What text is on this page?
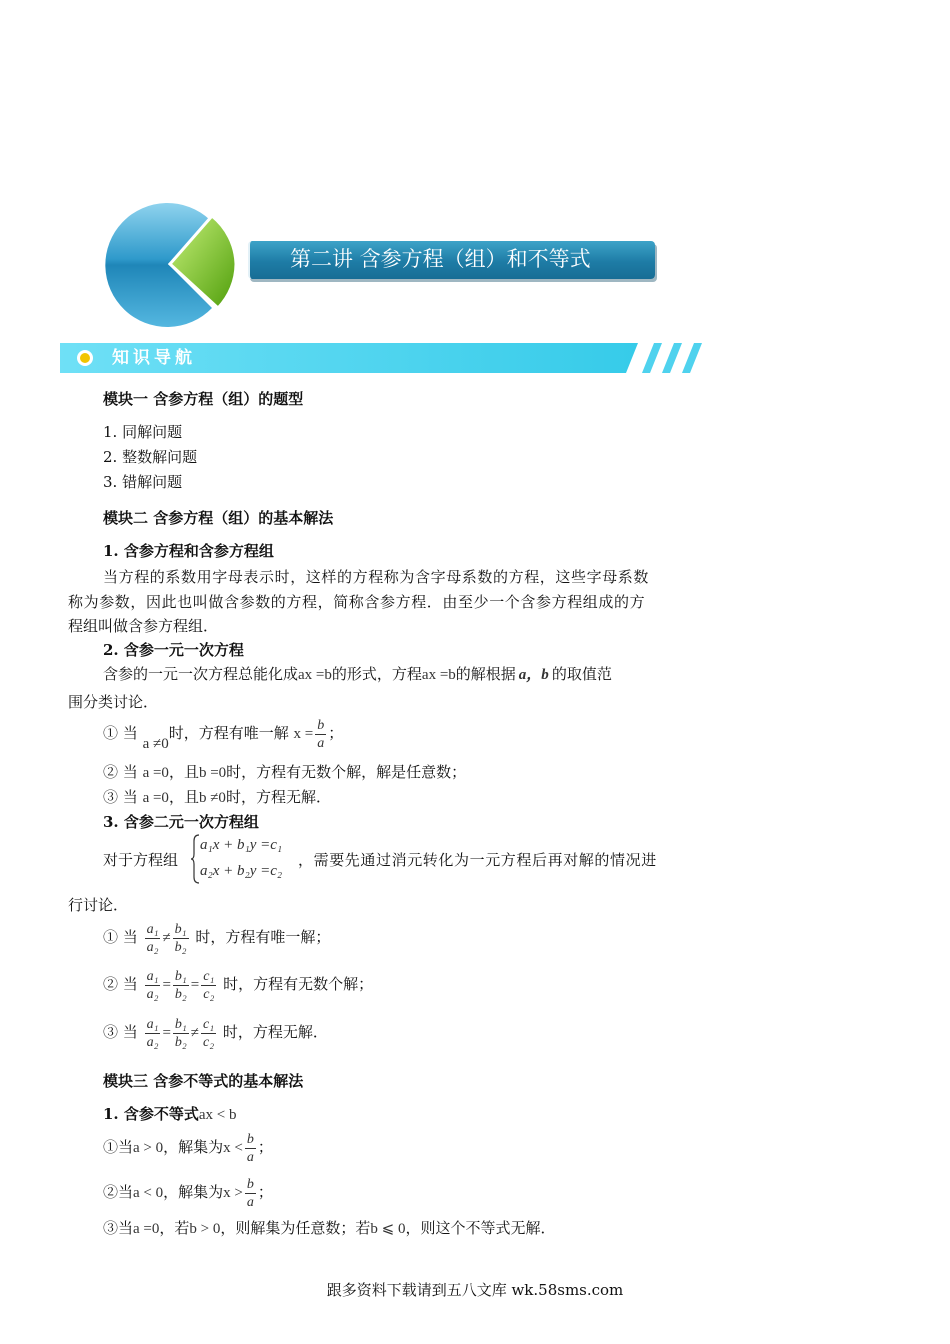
第二讲 含参方程（组）和不等式
知识导航
模块一 含参方程（组）的题型
1. 同解问题
2. 整数解问题
3. 错解问题
模块二 含参方程（组）的基本解法
1. 含参方程和含参方程组
当方程的系数用字母表示时，这样的方程称为含字母系数的方程，这些字母系数
称为参数，因此也叫做含参数的方程，简称含参方程．由至少一个含参方程组成的方
程组叫做含参方程组．
2. 含参一元一次方程
含参的一元一次方程总能化成ax =b的形式，方程ax =b的解根据 a，b 的取值范
围分类讨论．
① 当 a ≠0时，方程有唯一解 $x = \frac{b}{a}$ ；
② 当 a =0，且b =0时，方程有无数个解，解是任意数；
③ 当 a =0，且b ≠0时，方程无解．
3. 含参二元一次方程组
对于方程组
a₁x + b₁y =c₁
a₂x + b₂y =c₂
，需要先通过消元转化为一元方程后再对解的情况进
行讨论．
① 当 $\frac{\text{a₁}}{\text{a₂}} \ne \frac{\text{b₁}}{\text{b₂}}$ 时，方程有唯一解；
② 当 $\frac{\text{a₁}}{\text{a₂}} = \frac{\text{b₁}}{\text{b₂}} = \frac{\text{c₁}}{\text{c₂}}$ 时，方程有无数个解；
③ 当 $\frac{\text{a₁}}{\text{a₂}} = \frac{\text{b₁}}{\text{b₂}} \ne \frac{\text{c₁}}{\text{c₂}}$ 时，方程无解．
模块三 含参不等式的基本解法
1. 含参不等式ax < b
①当a > 0，解集为$x < \frac{b}{a}$ ；
②当a < 0，解集为$x > \frac{b}{a}$ ；
③当a =0，若b > 0，则解集为任意数；若b ⩽ 0，则这个不等式无解．
跟多资料下载请到五八文库 wk.58sms.com
